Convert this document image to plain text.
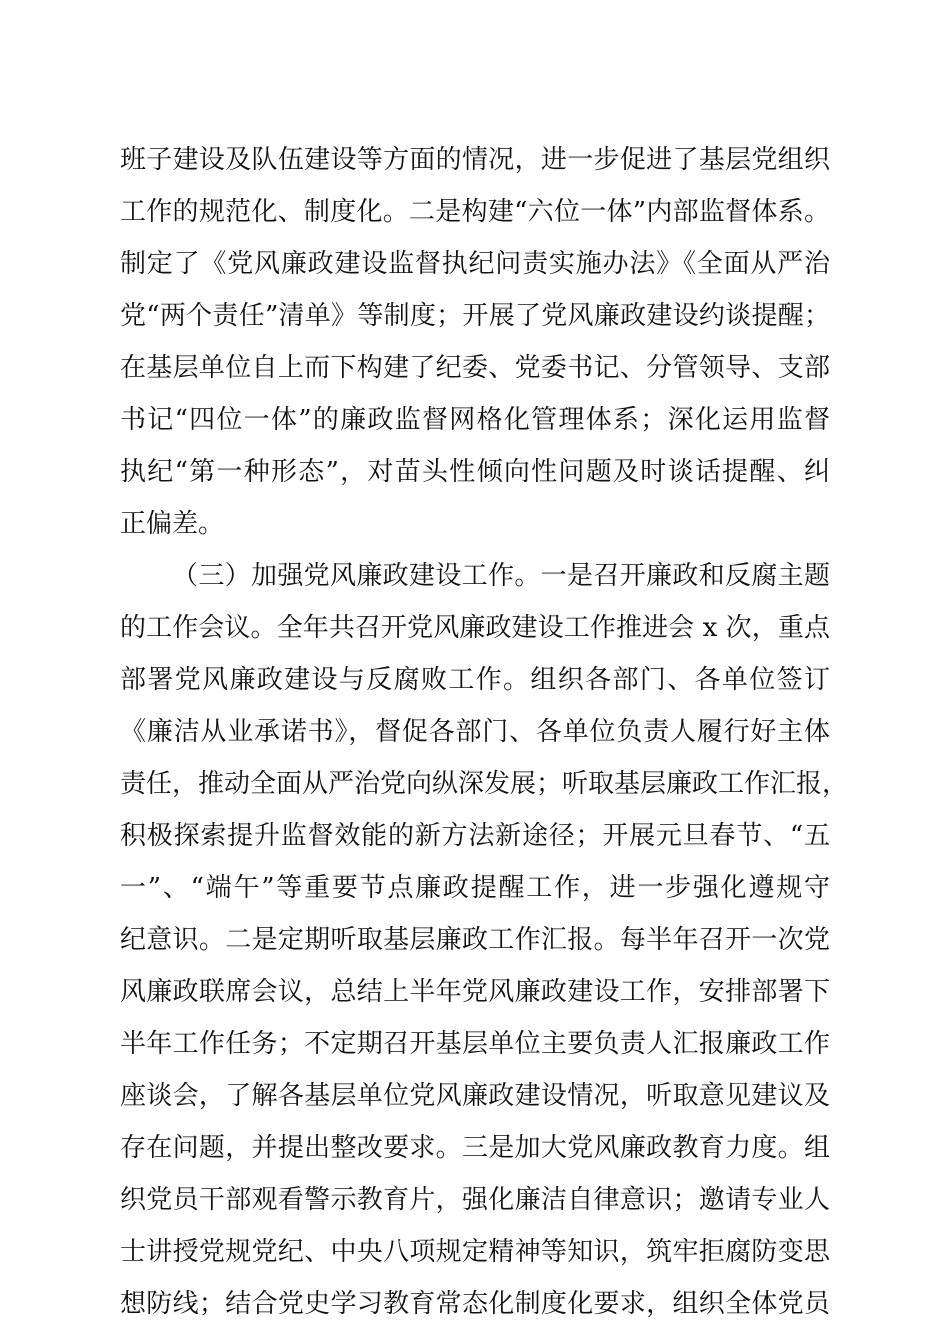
班子建设及队伍建设等方面的情况，进一步促进了基层党组织
工作的规范化、制度化。二是构建“六位一体”内部监督体系。
制定了《党风廉政建设监督执纪问责实施办法》《全面从严治
党“两个责任”清单》等制度；开展了党风廉政建设约谈提醒；
在基层单位自上而下构建了纪委、党委书记、分管领导、支部
书记“四位一体”的廉政监督网格化管理体系；深化运用监督
执纪“第一种形态”，对苗头性倾向性问题及时谈话提醒、纠
正偏差。
（三）加强党风廉政建设工作。一是召开廉政和反腐主题
的工作会议。全年共召开党风廉政建设工作推进会 x 次，重点
部署党风廉政建设与反腐败工作。组织各部门、各单位签订
《廉洁从业承诺书》，督促各部门、各单位负责人履行好主体
责任，推动全面从严治党向纵深发展；听取基层廉政工作汇报，
积极探索提升监督效能的新方法新途径；开展元旦春节、“五
一”、“端午”等重要节点廉政提醒工作，进一步强化遵规守
纪意识。二是定期听取基层廉政工作汇报。每半年召开一次党
风廉政联席会议，总结上半年党风廉政建设工作，安排部署下
半年工作任务；不定期召开基层单位主要负责人汇报廉政工作
座谈会，了解各基层单位党风廉政建设情况，听取意见建议及
存在问题，并提出整改要求。三是加大党风廉政教育力度。组
织党员干部观看警示教育片，强化廉洁自律意识；邀请专业人
士讲授党规党纪、中央八项规定精神等知识，筑牢拒腐防变思
想防线；结合党史学习教育常态化制度化要求，组织全体党员
